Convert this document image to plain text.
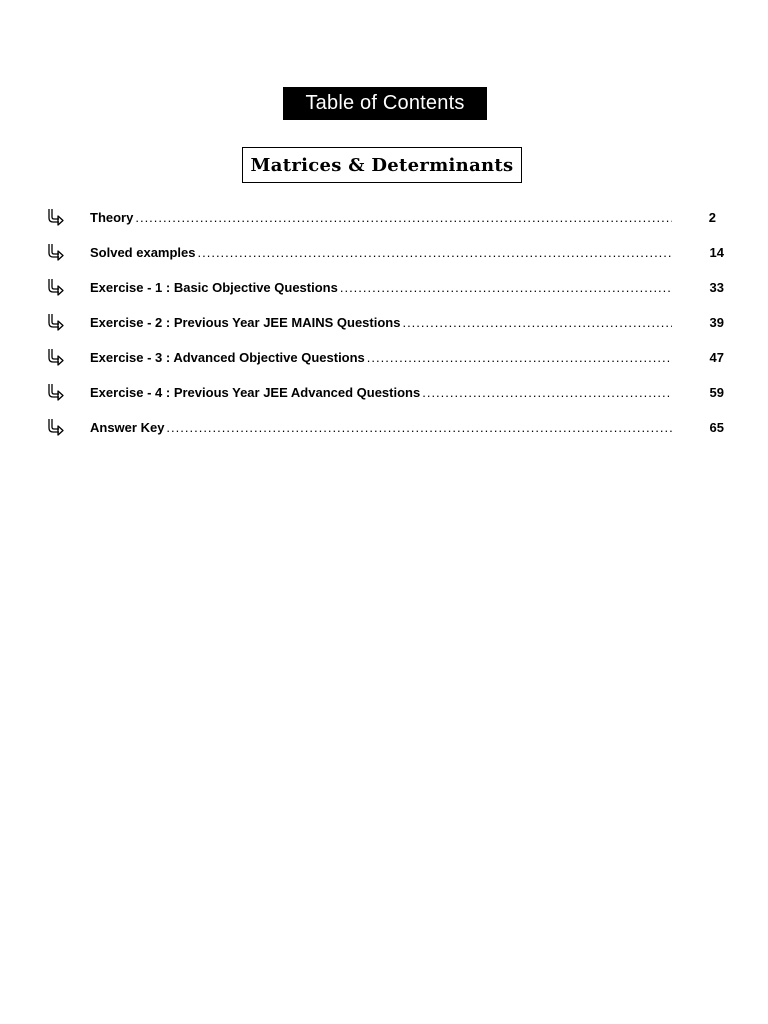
Table of Contents
Matrices & Determinants
Theory .....	2
Solved examples .....	14
Exercise - 1 : Basic Objective Questions .....	33
Exercise - 2 : Previous Year JEE MAINS Questions .....	39
Exercise - 3 : Advanced Objective Questions .....	47
Exercise - 4 : Previous Year JEE Advanced Questions .....	59
Answer Key .....	65
